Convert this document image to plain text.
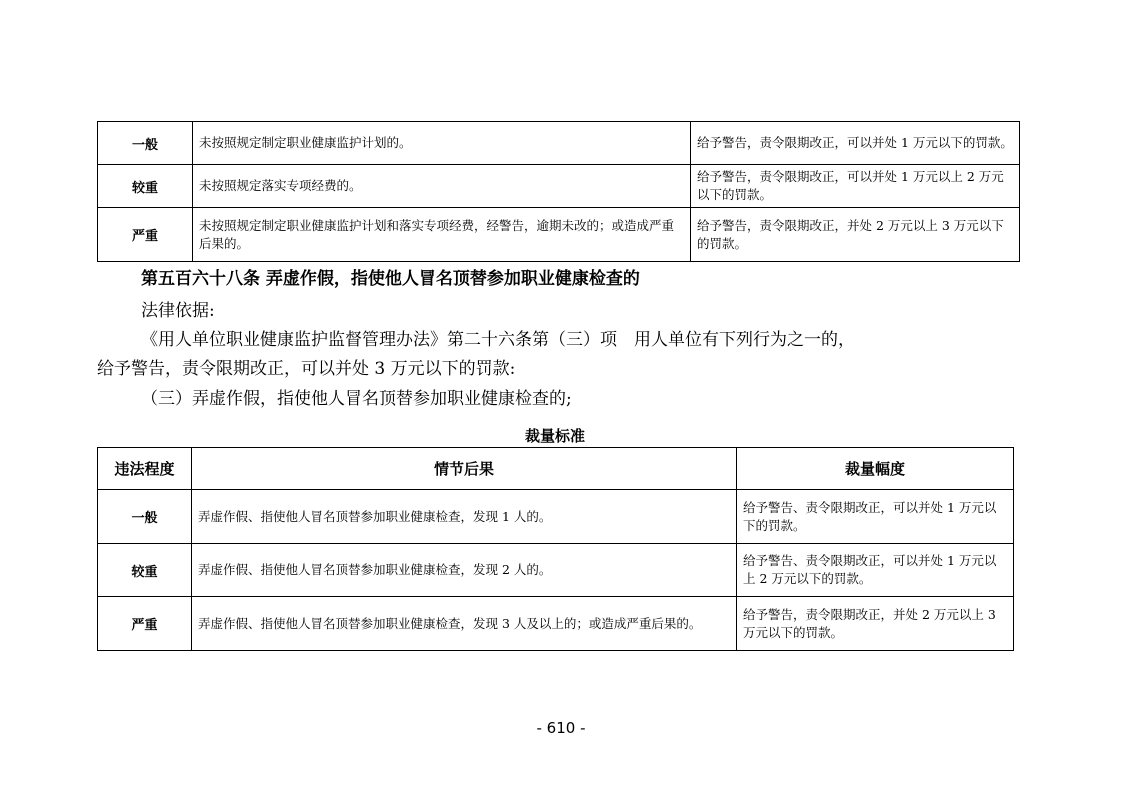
一般	未按照规定制定职业健康监护计划的。	给予警告，责令限期改正，可以并处 1 万元以下的罚款。
较重	未按照规定落实专项经费的。	给予警告，责令限期改正，可以并处 1 万元以上 2 万元以下的罚款。
严重	未按照规定制定职业健康监护计划和落实专项经费，经警告，逾期未改的；或造成严重后果的。	给予警告，责令限期改正，并处 2 万元以上 3 万元以下的罚款。
第五百六十八条 弄虚作假，指使他人冒名顶替参加职业健康检查的
法律依据:
《用人单位职业健康监护监督管理办法》第二十六条第（三）项　用人单位有下列行为之一的，
给予警告，责令限期改正，可以并处 3 万元以下的罚款:
（三）弄虚作假，指使他人冒名顶替参加职业健康检查的;
裁量标准
违法程度	情节后果	裁量幅度
一般	弄虚作假、指使他人冒名顶替参加职业健康检查，发现 1 人的。	给予警告、责令限期改正，可以并处 1 万元以下的罚款。
较重	弄虚作假、指使他人冒名顶替参加职业健康检查，发现 2 人的。	给予警告、责令限期改正，可以并处 1 万元以上 2 万元以下的罚款。
严重	弄虚作假、指使他人冒名顶替参加职业健康检查，发现 3 人及以上的；或造成严重后果的。	给予警告，责令限期改正，并处 2 万元以上 3 万元以下的罚款。
- 610 -
